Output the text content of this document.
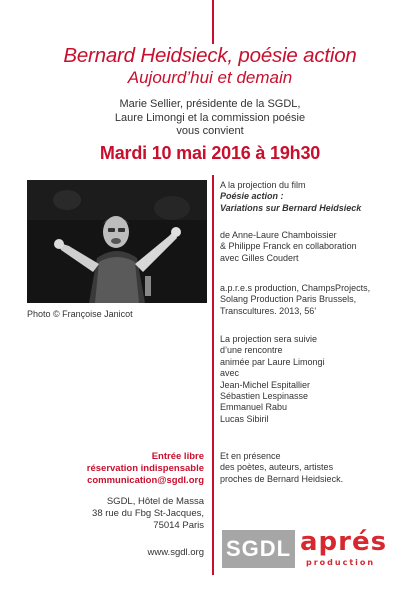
Bernard Heidsieck, poésie action
Aujourd’hui et demain
Marie Sellier, présidente de la SGDL,
Laure Limongi et la commission poésie
vous convient
Mardi 10 mai 2016 à 19h30
Photo © Françoise Janicot
A la projection du film
Poésie action :
Variations sur Bernard Heidsieck
de Anne-Laure Chamboissier
& Philippe Franck en collaboration
avec Gilles Coudert
a.p.r.e.s production, ChampsProjects,
Solang Production Paris Brussels,
Transcultures. 2013, 56’
La projection sera suivie
d’une rencontre
animée par Laure Limongi
avec
Jean-Michel Espitallier
Sébastien Lespinasse
Emmanuel Rabu
Lucas Sibiril
Et en présence
des poètes, auteurs, artistes
proches de Bernard Heidsieck.
Entrée libre
réservation indispensable
communication@sgdl.org
SGDL, Hôtel de Massa
38 rue du Fbg St-Jacques,
75014 Paris
www.sgdl.org SGDL aprés
production
